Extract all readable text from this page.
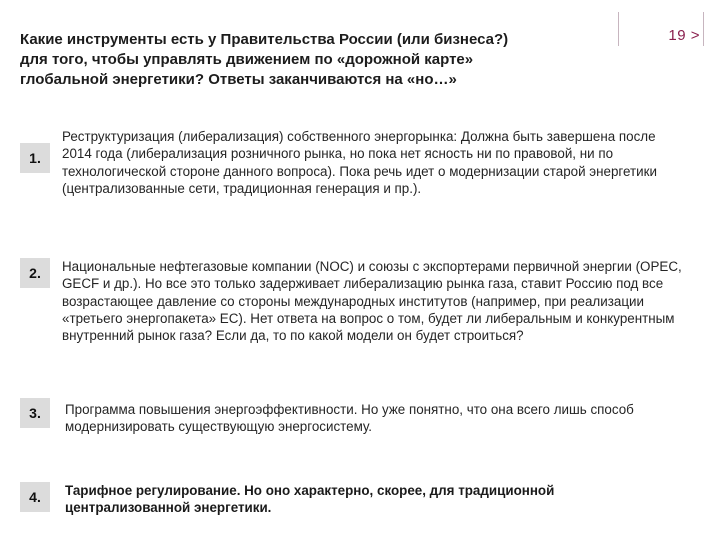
Какие инструменты есть у Правительства России (или бизнеса?) для того, чтобы управлять движением по «дорожной карте» глобальной энергетики? Ответы заканчиваются на «но…»
19 >
1.
Реструктуризация (либерализация) собственного энергорынка: Должна быть завершена после 2014 года (либерализация розничного рынка, но пока нет ясность ни по правовой, ни по технологической стороне данного вопроса). Пока речь идет о модернизации старой энергетики (централизованные сети, традиционная генерация и пр.).
2.	Национальные нефтегазовые компании (NOC) и союзы с экспортерами первичной энергии (OPEC, GECF и др.). Но все это только задерживает либерализацию рынка газа, ставит Россию под все возрастающее давление со стороны международных институтов (например, при реализации «третьего энергопакета» EC). Нет ответа на вопрос о том, будет ли либеральным и конкурентным внутренний рынок газа? Если да, то по какой модели он будет строиться?
3.	Программа повышения энергоэффективности. Но уже понятно, что она всего лишь способ модернизировать существующую энергосистему.
4.	Тарифное регулирование. Но оно характерно, скорее, для традиционной централизованной энергетики.
